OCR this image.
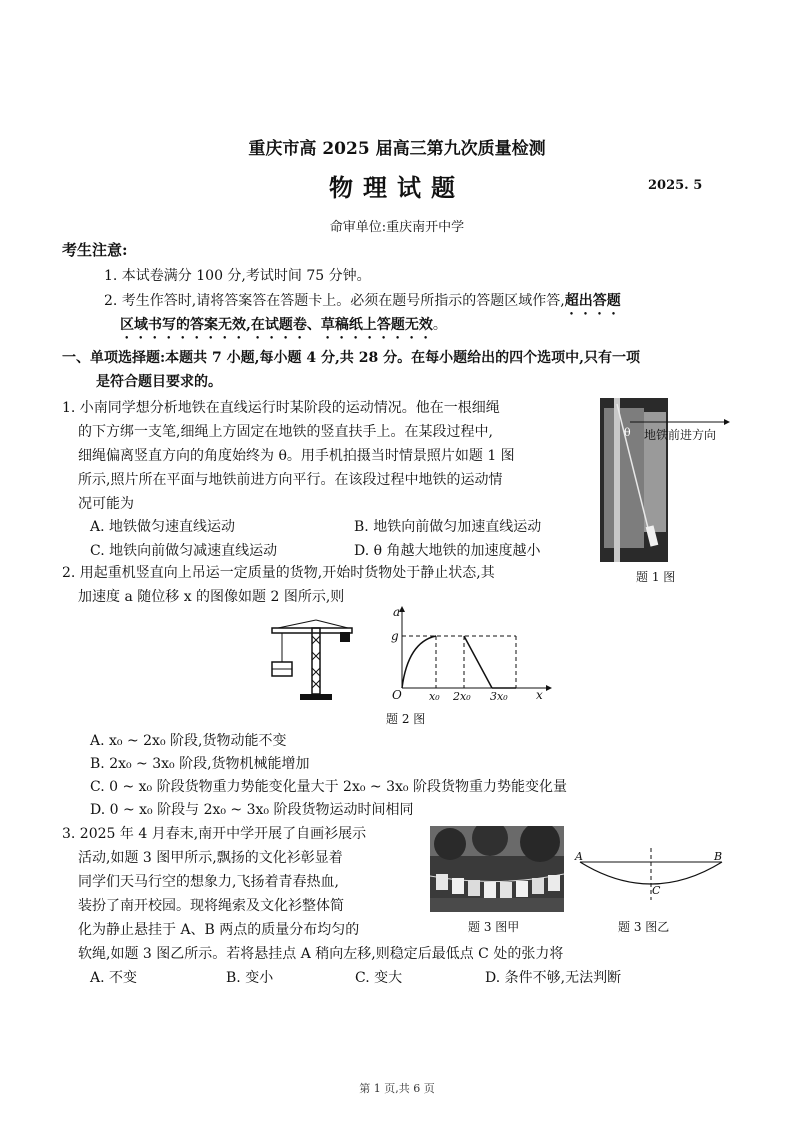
重庆市高 2025 届高三第九次质量检测
物理试题	2025. 5
命审单位:重庆南开中学
考生注意:
1. 本试卷满分 100 分,考试时间 75 分钟。
2. 考生作答时,请将答案答在答题卡上。必须在题号所指示的答题区域作答,超出答题
区域书写的答案无效,在试题卷、草稿纸上答题无效。
一、单项选择题:本题共 7 小题,每小题 4 分,共 28 分。在每小题给出的四个选项中,只有一项
是符合题目要求的。
1. 小南同学想分析地铁在直线运行时某阶段的运动情况。他在一根细绳
的下方绑一支笔,细绳上方固定在地铁的竖直扶手上。在某段过程中,
细绳偏离竖直方向的角度始终为 θ。用手机拍摄当时情景照片如题 1 图
所示,照片所在平面与地铁前进方向平行。在该段过程中地铁的运动情
况可能为
A. 地铁做匀速直线运动	B. 地铁向前做匀加速直线运动
C. 地铁向前做匀减速直线运动	D. θ 角越大地铁的加速度越小
θ 地铁前进方向
题 1 图
2. 用起重机竖直向上吊运一定质量的货物,开始时货物处于静止状态,其
加速度 a 随位移 x 的图像如题 2 图所示,则
a
g
O x₀ 2x₀ 3x₀ x
题 2 图
A. x₀ ~ 2x₀ 阶段,货物动能不变
B. 2x₀ ~ 3x₀ 阶段,货物机械能增加
C. 0 ~ x₀ 阶段货物重力势能变化量大于 2x₀ ~ 3x₀ 阶段货物重力势能变化量
D. 0 ~ x₀ 阶段与 2x₀ ~ 3x₀ 阶段货物运动时间相同
3. 2025 年 4 月春末,南开中学开展了自画衫展示
活动,如题 3 图甲所示,飘扬的文化衫彰显着
同学们天马行空的想象力,飞扬着青春热血,
装扮了南开校园。现将绳索及文化衫整体简
化为静止悬挂于 A、B 两点的质量分布均匀的
软绳,如题 3 图乙所示。若将悬挂点 A 稍向左移,则稳定后最低点 C 处的张力将
A. 不变	B. 变小	C. 变大	D. 条件不够,无法判断
题 3 图甲
A	B
C
题 3 图乙
第 1 页,共 6 页
